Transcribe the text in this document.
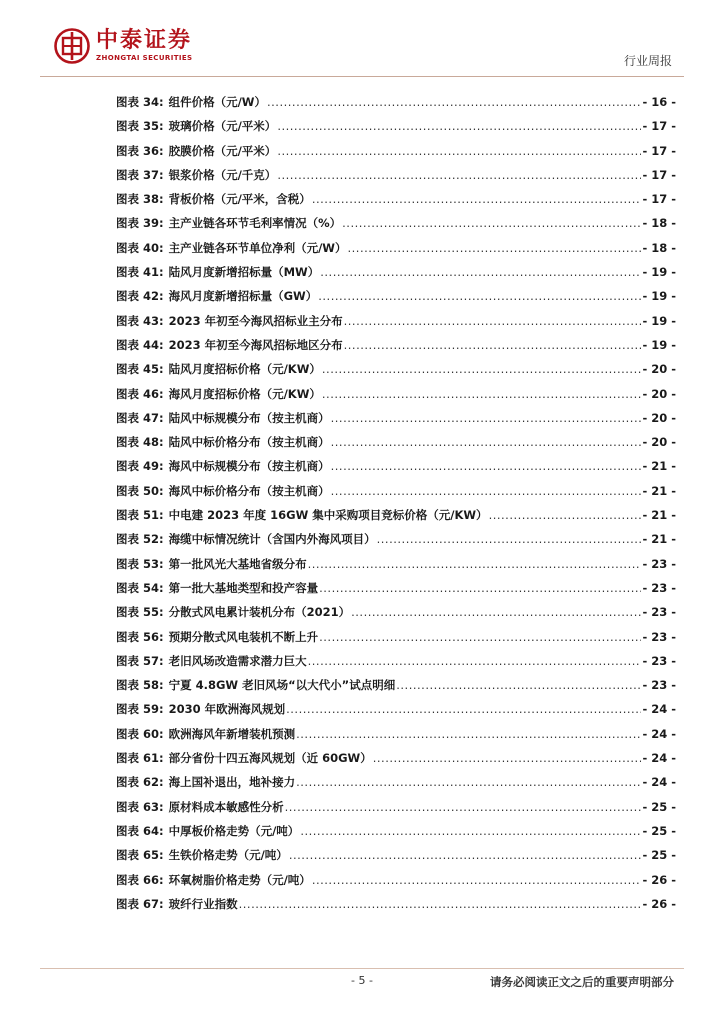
中泰证券
ZHONGTAI SECURITIES	行业周报
图表 34: 组件价格（元/W） .....	- 16 -
图表 35: 玻璃价格（元/平米） .....	- 17 -
图表 36: 胶膜价格（元/平米） .....	- 17 -
图表 37: 银浆价格（元/千克） .....	- 17 -
图表 38: 背板价格（元/平米，含税） .....	- 17 -
图表 39: 主产业链各环节毛利率情况（%） .....	- 18 -
图表 40: 主产业链各环节单位净利（元/W） .....	- 18 -
图表 41: 陆风月度新增招标量（MW） .....	- 19 -
图表 42: 海风月度新增招标量（GW） .....	- 19 -
图表 43: 2023 年初至今海风招标业主分布 .....	- 19 -
图表 44: 2023 年初至今海风招标地区分布 .....	- 19 -
图表 45: 陆风月度招标价格（元/KW） .....	- 20 -
图表 46: 海风月度招标价格（元/KW） .....	- 20 -
图表 47: 陆风中标规模分布（按主机商） .....	- 20 -
图表 48: 陆风中标价格分布（按主机商） .....	- 20 -
图表 49: 海风中标规模分布（按主机商） .....	- 21 -
图表 50: 海风中标价格分布（按主机商） .....	- 21 -
图表 51: 中电建 2023 年度 16GW 集中采购项目竞标价格（元/KW） .....	- 21 -
图表 52: 海缆中标情况统计（含国内外海风项目） .....	- 21 -
图表 53: 第一批风光大基地省级分布 .....	- 23 -
图表 54: 第一批大基地类型和投产容量 .....	- 23 -
图表 55: 分散式风电累计装机分布（2021） .....	- 23 -
图表 56: 预期分散式风电装机不断上升 .....	- 23 -
图表 57: 老旧风场改造需求潜力巨大 .....	- 23 -
图表 58: 宁夏 4.8GW 老旧风场“以大代小”试点明细 .....	- 23 -
图表 59: 2030 年欧洲海风规划 .....	- 24 -
图表 60: 欧洲海风年新增装机预测 .....	- 24 -
图表 61: 部分省份十四五海风规划（近 60GW） .....	- 24 -
图表 62: 海上国补退出，地补接力 .....	- 24 -
图表 63: 原材料成本敏感性分析 .....	- 25 -
图表 64: 中厚板价格走势（元/吨） .....	- 25 -
图表 65: 生铁价格走势（元/吨） .....	- 25 -
图表 66: 环氧树脂价格走势（元/吨） .....	- 26 -
图表 67: 玻纤行业指数 .....	- 26 -
- 5 -	请务必阅读正文之后的重要声明部分
